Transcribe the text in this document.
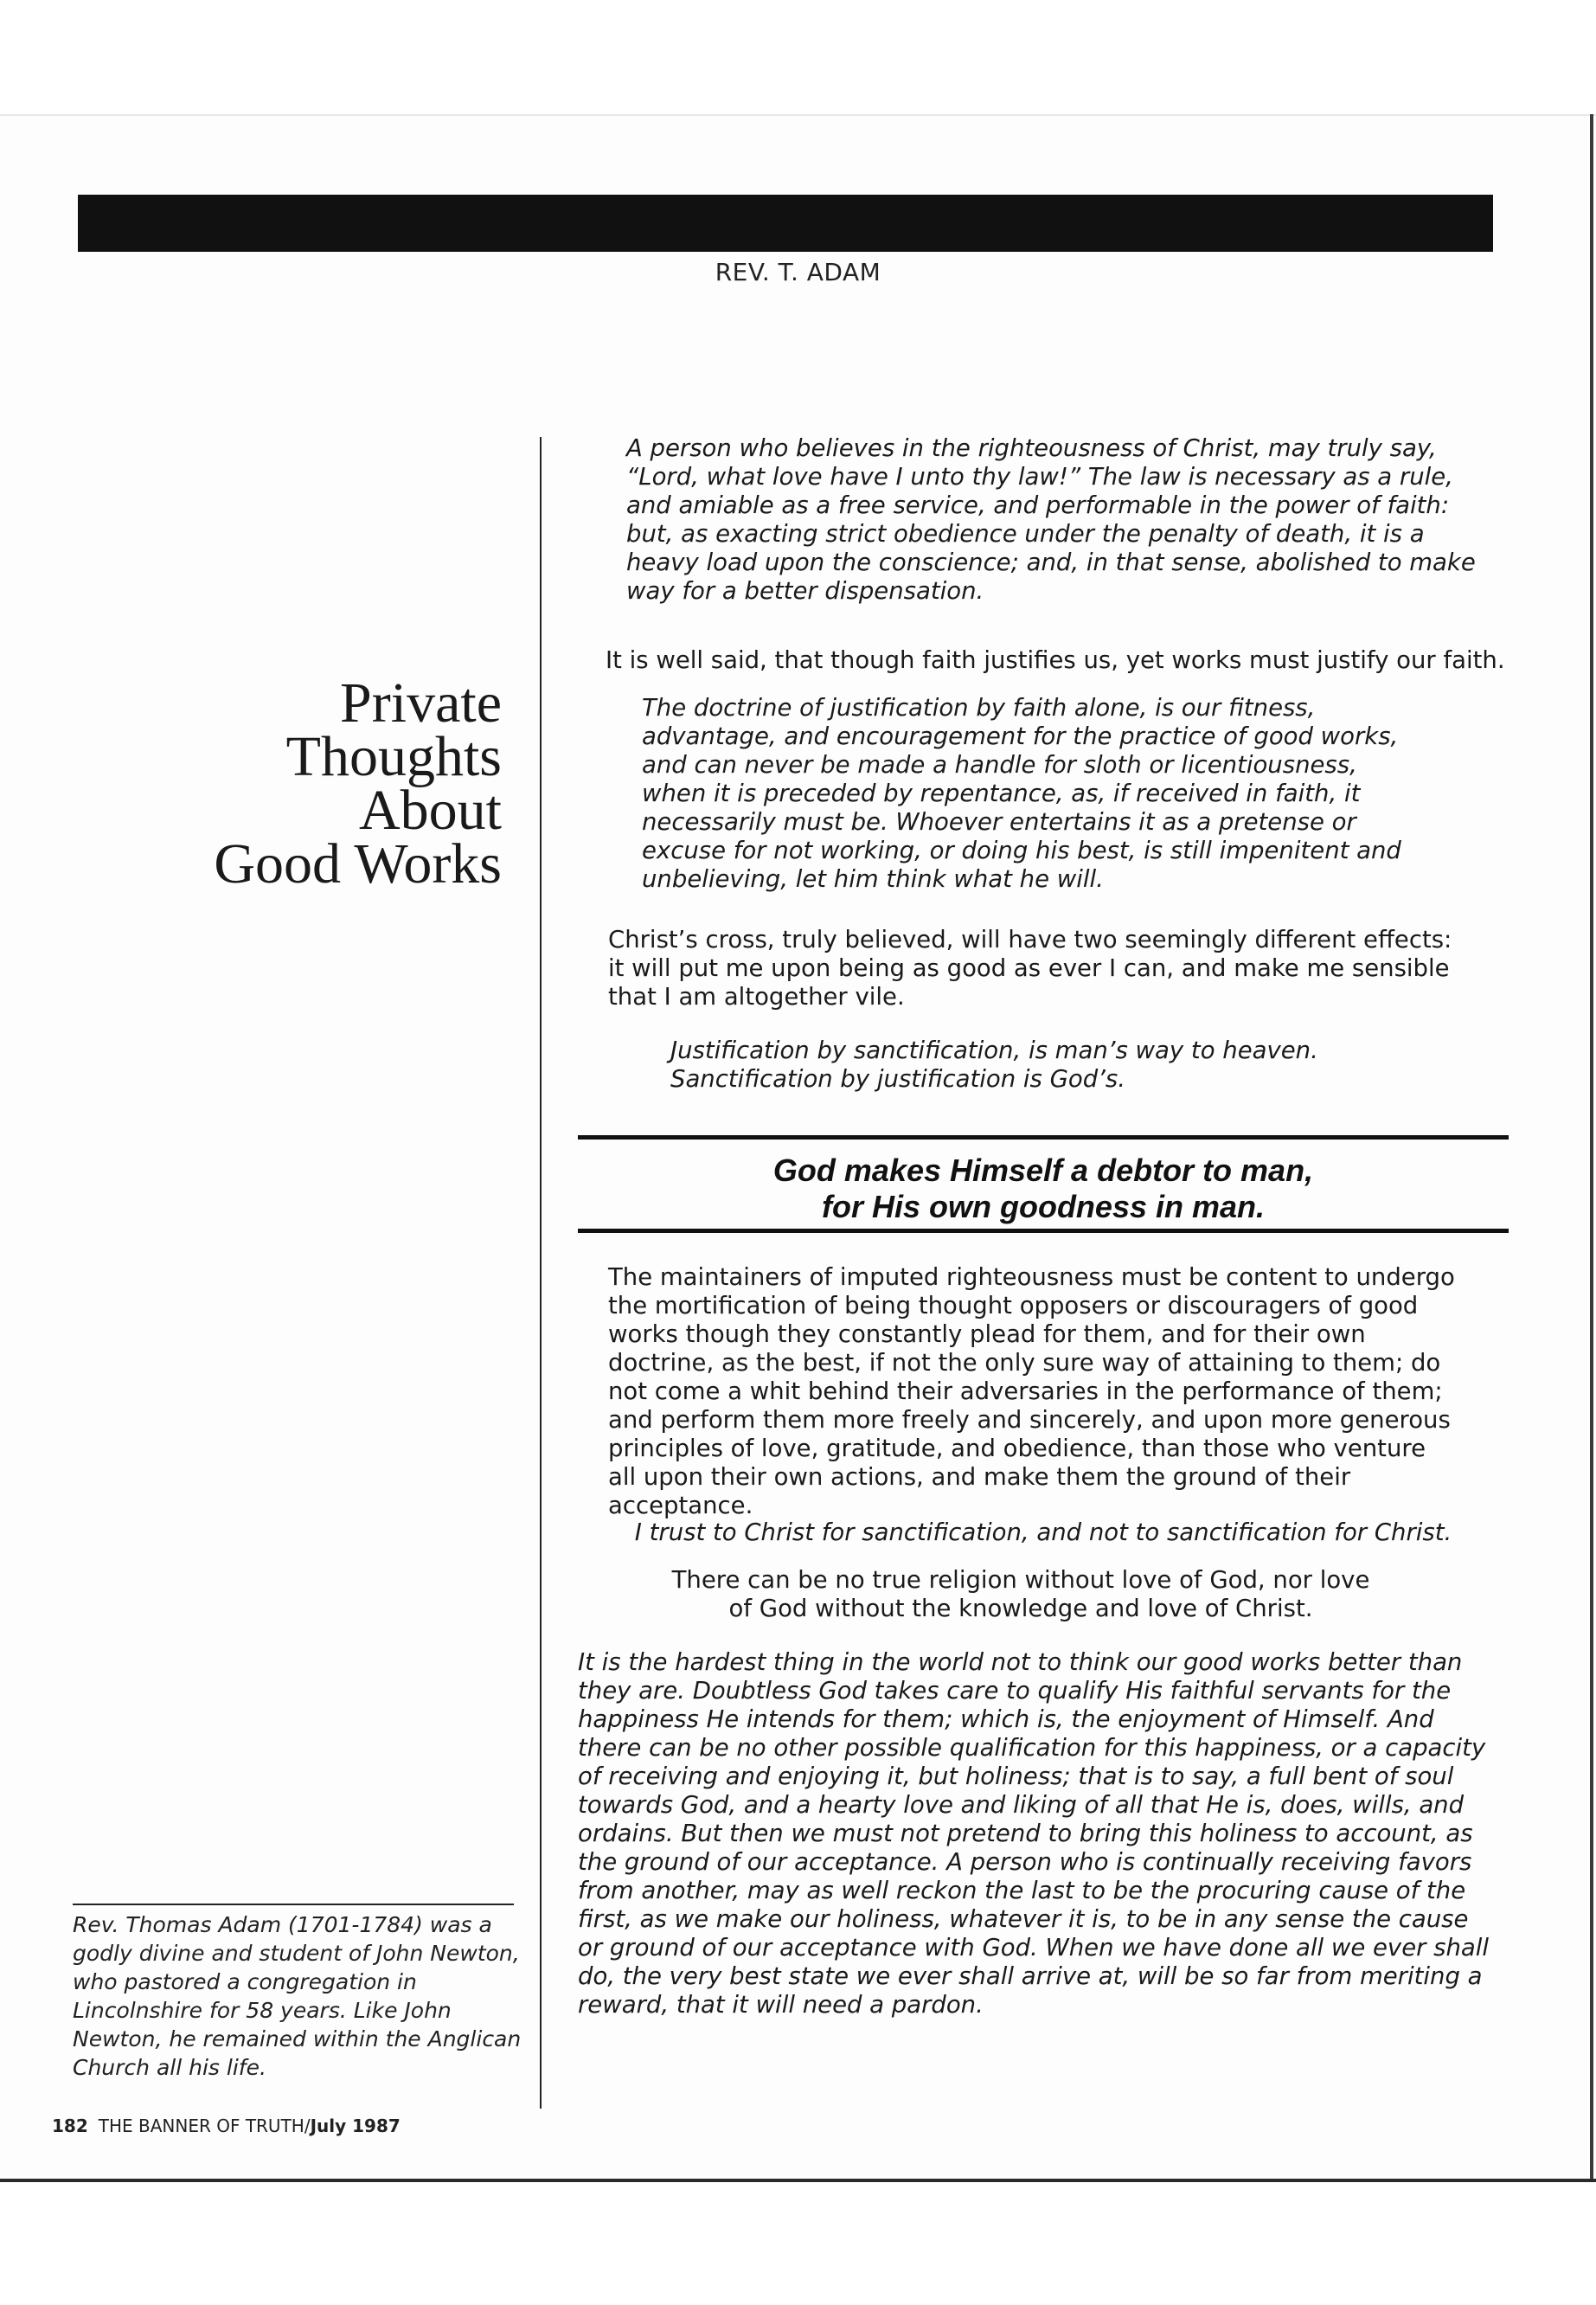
REV. T. ADAM
Private
Thoughts
About
Good Works
Rev. Thomas Adam (1701-1784) was a godly divine and student of John Newton, who pastored a congregation in Lincolnshire for 58 years. Like John Newton, he remained within the Anglican Church all his life.
182 THE BANNER OF TRUTH/July 1987
A person who believes in the righteousness of Christ, may truly say, “Lord, what love have I unto thy law!” The law is necessary as a rule, and amiable as a free service, and performable in the power of faith: but, as exacting strict obedience under the penalty of death, it is a heavy load upon the conscience; and, in that sense, abolished to make way for a better dispensation.
It is well said, that though faith justifies us, yet works must justify our faith.
The doctrine of justification by faith alone, is our fitness, advantage, and encouragement for the practice of good works, and can never be made a handle for sloth or licentiousness, when it is preceded by repentance, as, if received in faith, it necessarily must be. Whoever entertains it as a pretense or excuse for not working, or doing his best, is still impenitent and unbelieving, let him think what he will.
Christ’s cross, truly believed, will have two seemingly different effects: it will put me upon being as good as ever I can, and make me sensible that I am altogether vile.
Justification by sanctification, is man’s way to heaven. Sanctification by justification is God’s.
God makes Himself a debtor to man,
for His own goodness in man.
The maintainers of imputed righteousness must be content to undergo the mortification of being thought opposers or discouragers of good works though they constantly plead for them, and for their own doctrine, as the best, if not the only sure way of attaining to them; do not come a whit behind their adversaries in the performance of them; and perform them more freely and sincerely, and upon more generous principles of love, gratitude, and obedience, than those who venture all upon their own actions, and make them the ground of their acceptance.
I trust to Christ for sanctification, and not to sanctification for Christ.
There can be no true religion without love of God, nor love of God without the knowledge and love of Christ.
It is the hardest thing in the world not to think our good works better than they are. Doubtless God takes care to qualify His faithful servants for the happiness He intends for them; which is, the enjoyment of Himself. And there can be no other possible qualification for this happiness, or a capacity of receiving and enjoying it, but holiness; that is to say, a full bent of soul towards God, and a hearty love and liking of all that He is, does, wills, and ordains. But then we must not pretend to bring this holiness to account, as the ground of our acceptance. A person who is continually receiving favors from another, may as well reckon the last to be the procuring cause of the first, as we make our holiness, whatever it is, to be in any sense the cause or ground of our acceptance with God. When we have done all we ever shall do, the very best state we ever shall arrive at, will be so far from meriting a reward, that it will need a pardon.
